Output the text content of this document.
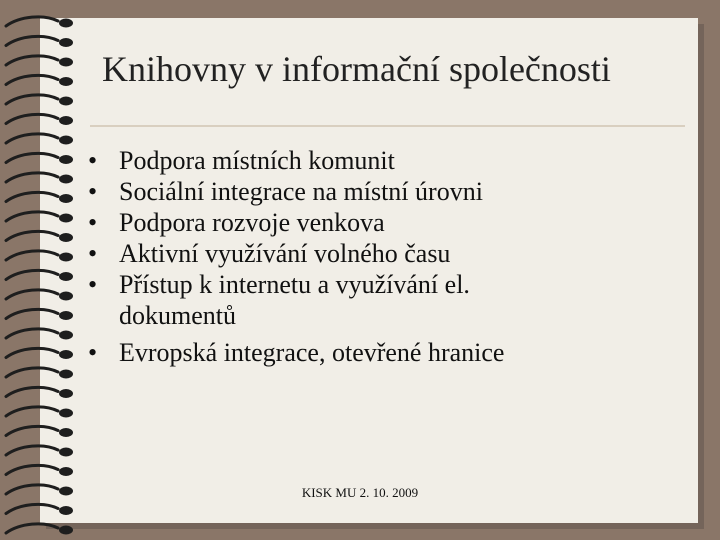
Knihovny v informační společnosti
• Podpora místních komunit
• Sociální integrace na místní úrovni
• Podpora rozvoje venkova
• Aktivní využívání volného času
• Přístup k internetu a využívání el. dokumentů
• Evropská integrace, otevřené hranice
KISK MU 2. 10. 2009
